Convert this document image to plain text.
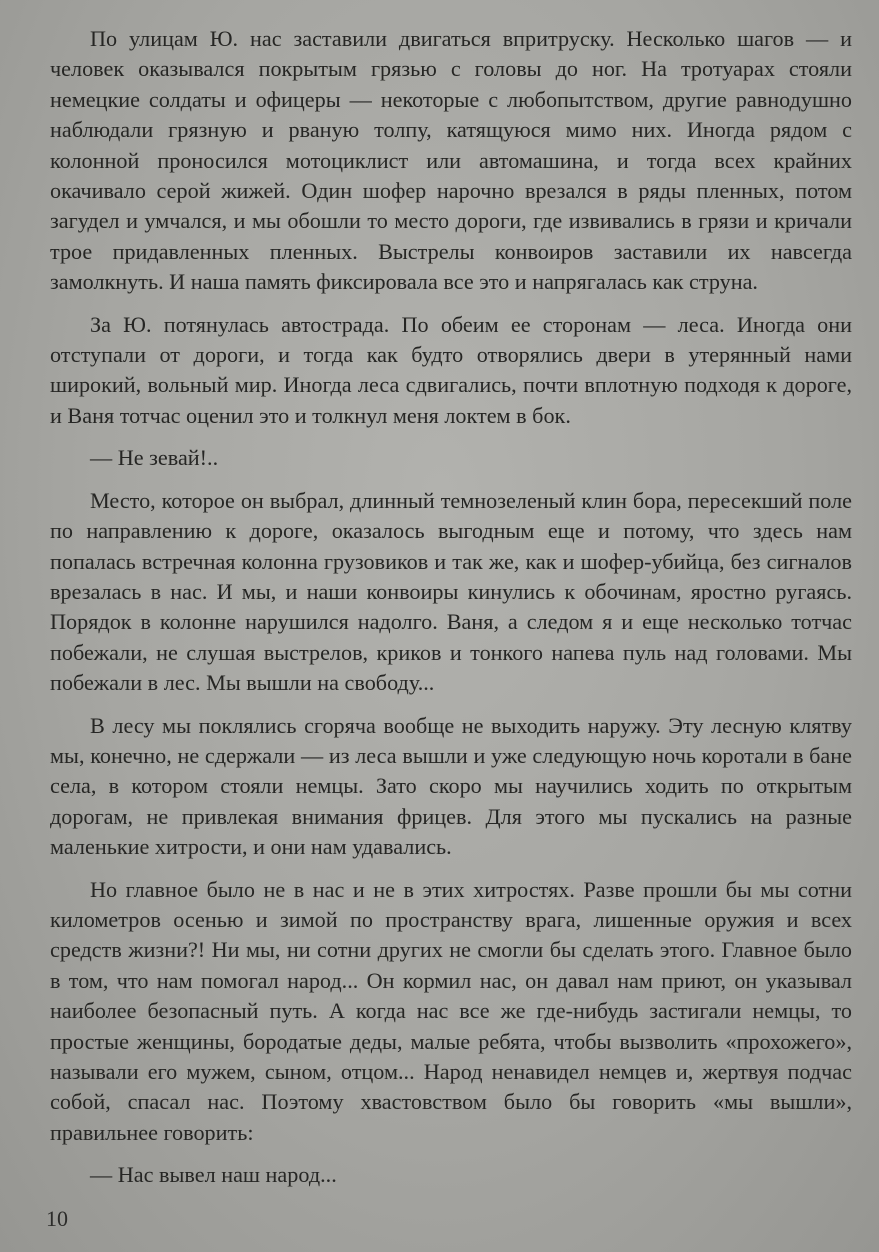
По улицам Ю. нас заставили двигаться впритруску. Несколько шагов — и человек оказывался покрытым грязью с головы до ног. На тротуарах стояли немецкие солдаты и офицеры — некоторые с любопытством, другие равнодушно наблюдали грязную и рваную толпу, катящуюся мимо них. Иногда рядом с колонной проносился мотоциклист или автомашина, и тогда всех крайних окачивало серой жижей. Один шофер нарочно врезался в ряды пленных, потом загудел и умчался, и мы обошли то место дороги, где извивались в грязи и кричали трое придавленных пленных. Выстрелы конвоиров заставили их навсегда замолкнуть. И наша память фиксировала все это и напрягалась как струна.

За Ю. потянулась автострада. По обеим ее сторонам — леса. Иногда они отступали от дороги, и тогда как будто отворялись двери в утерянный нами широкий, вольный мир. Иногда леса сдвигались, почти вплотную подходя к дороге, и Ваня тотчас оценил это и толкнул меня локтем в бок.

— Не зевай!..

Место, которое он выбрал, длинный темнозеленый клин бора, пересекший поле по направлению к дороге, оказалось выгодным еще и потому, что здесь нам попалась встречная колонна грузовиков и так же, как и шофер-убийца, без сигналов врезалась в нас. И мы, и наши конвоиры кинулись к обочинам, яростно ругаясь. Порядок в колонне нарушился надолго. Ваня, а следом я и еще несколько тотчас побежали, не слушая выстрелов, криков и тонкого напева пуль над головами. Мы побежали в лес. Мы вышли на свободу...

В лесу мы поклялись сгоряча вообще не выходить наружу. Эту лесную клятву мы, конечно, не сдержали — из леса вышли и уже следующую ночь коротали в бане села, в котором стояли немцы. Зато скоро мы научились ходить по открытым дорогам, не привлекая внимания фрицев. Для этого мы пускались на разные маленькие хитрости, и они нам удавались.

Но главное было не в нас и не в этих хитростях. Разве прошли бы мы сотни километров осенью и зимой по пространству врага, лишенные оружия и всех средств жизни?! Ни мы, ни сотни других не смогли бы сделать этого. Главное было в том, что нам помогал народ... Он кормил нас, он давал нам приют, он указывал наиболее безопасный путь. А когда нас все же где-нибудь застигали немцы, то простые женщины, бородатые деды, малые ребята, чтобы вызволить «прохожего», называли его мужем, сыном, отцом... Народ ненавидел немцев и, жертвуя подчас собой, спасал нас. Поэтому хвастовством было бы говорить «мы вышли», правильнее говорить:

— Нас вывел наш народ...

10
